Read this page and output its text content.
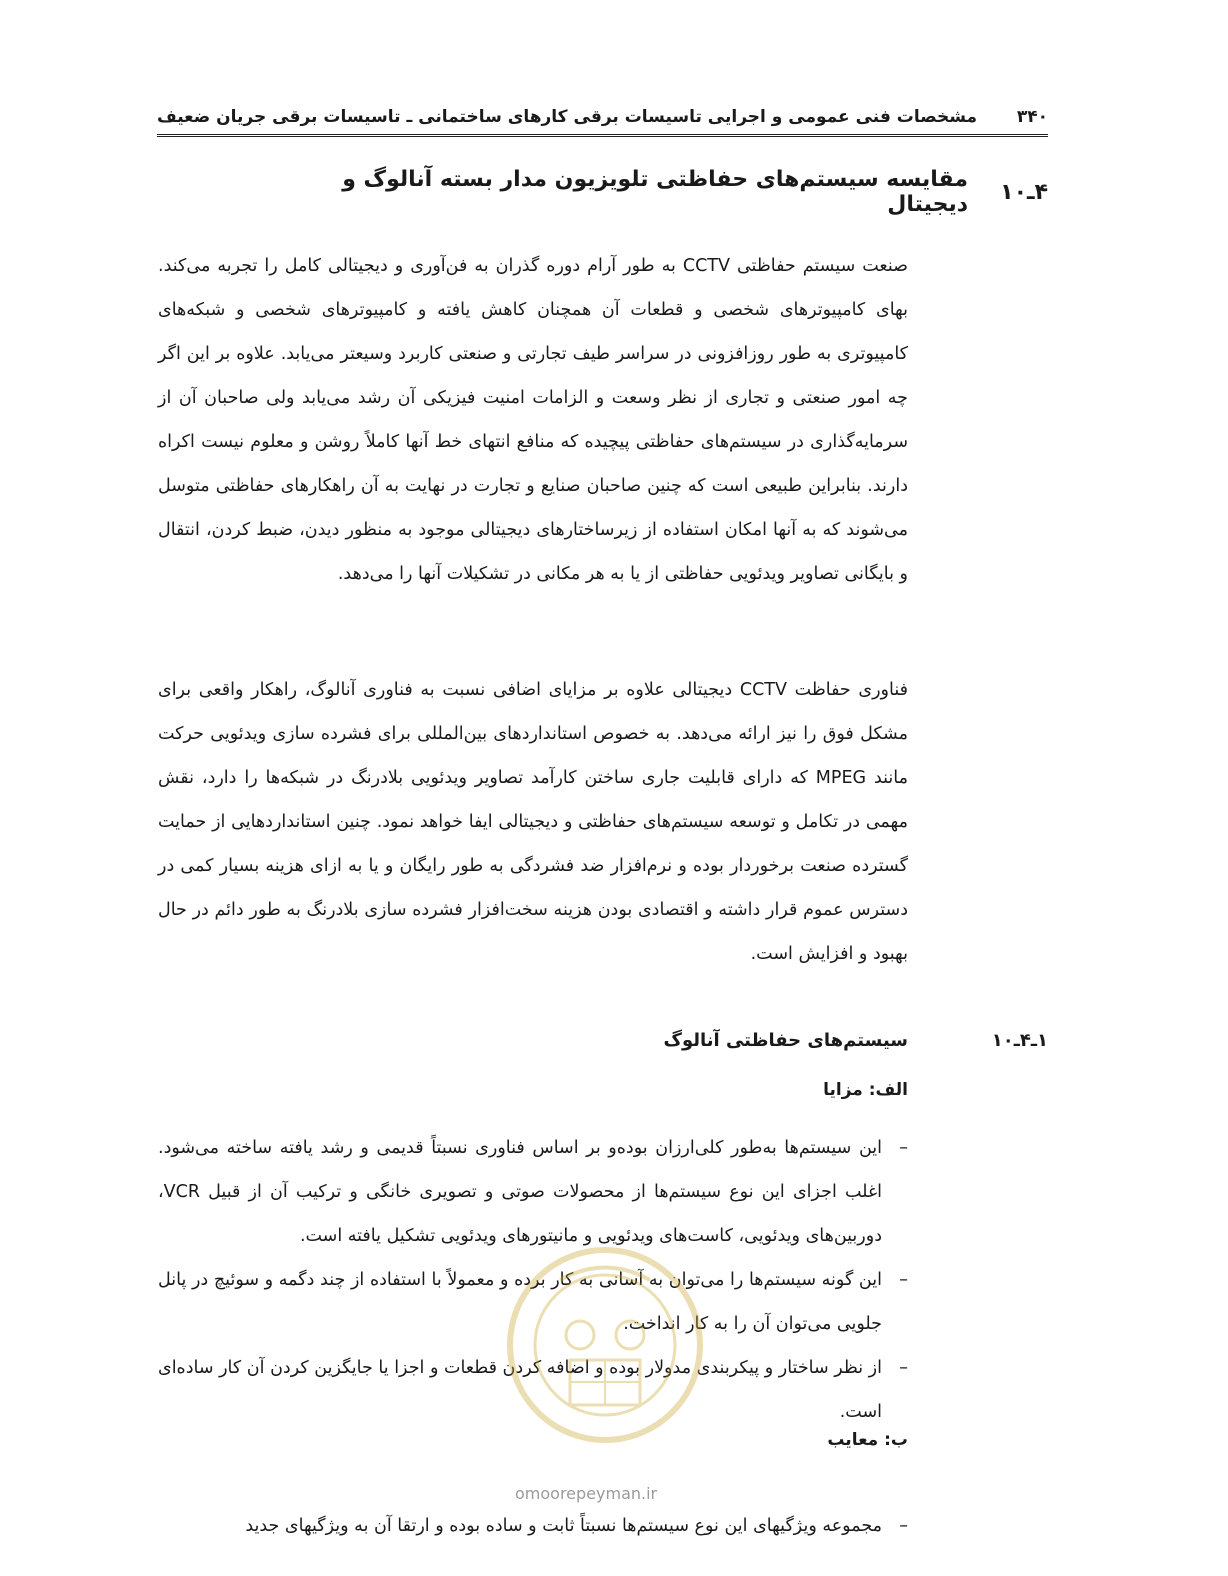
۳۴۰
مشخصات فنی عمومی و اجرایی تاسیسات برقی کارهای ساختمانی ـ تاسیسات برقی جریان ضعیف
۴ـ۱۰
مقایسه سیستم‌های حفاظتی تلویزیون مدار بسته آنالوگ و دیجیتال
صنعت سیستم حفاظتی CCTV به طور آرام دوره گذران به فن‌آوری و دیجیتالی کامل را تجربه می‌کند. بهای کامپیوترهای شخصی و قطعات آن همچنان کاهش یافته و کامپیوترهای شخصی و شبکه‌های کامپیوتری به طور روزافزونی در سراسر طیف تجارتی و صنعتی کاربرد وسیعتر می‌یابد. علاوه بر این اگر چه امور صنعتی و تجاری از نظر وسعت و الزامات امنیت فیزیکی آن رشد می‌یابد ولی صاحبان آن از سرمایه‌گذاری در سیستم‌های حفاظتی پیچیده که منافع انتهای خط آنها کاملاً روشن و معلوم نیست اکراه دارند. بنابراین طبیعی است که چنین صاحبان صنایع و تجارت در نهایت به آن راهکارهای حفاظتی متوسل می‌شوند که به آنها امکان استفاده از زیرساختارهای دیجیتالی موجود به منظور دیدن، ضبط کردن، انتقال و بایگانی تصاویر ویدئویی حفاظتی از یا به هر مکانی در تشکیلات آنها را می‌دهد.
فناوری حفاظت CCTV دیجیتالی علاوه بر مزایای اضافی نسبت به فناوری آنالوگ، راهکار واقعی برای مشکل فوق را نیز ارائه می‌دهد. به خصوص استانداردهای بین‌المللی برای فشرده سازی ویدئویی حرکت مانند MPEG که دارای قابلیت جاری ساختن کارآمد تصاویر ویدئویی بلادرنگ در شبکه‌ها را دارد، نقش مهمی در تکامل و توسعه سیستم‌های حفاظتی و دیجیتالی ایفا خواهد نمود. چنین استانداردهایی از حمایت گسترده صنعت برخوردار بوده و نرم‌افزار ضد فشردگی به طور رایگان و یا به ازای هزینه بسیار کمی در دسترس عموم قرار داشته و اقتصادی بودن هزینه سخت‌افزار فشرده سازی بلادرنگ به طور دائم در حال بهبود و افزایش است.
۱ـ۴ـ۱۰
سیستم‌های حفاظتی آنالوگ
الف: مزایا
–
این سیستم‌ها به‌طور کلی‌ارزان بوده‌و بر اساس فناوری نسبتاً قدیمی و رشد یافته ساخته می‌شود. اغلب اجزای این نوع سیستم‌ها از محصولات صوتی و تصویری خانگی و ترکیب آن از قبیل VCR، دوربین‌های ویدئویی، کاست‌های ویدئویی و مانیتورهای ویدئویی تشکیل یافته است.
–
این گونه سیستم‌ها را می‌توان به آسانی به کار برده و معمولاً با استفاده از چند دگمه و سوئیچ در پانل جلویی می‌توان آن را به کار انداخت.
–
از نظر ساختار و پیکربندی مدولار بوده و اضافه کردن قطعات و اجزا یا جایگزین کردن آن کار ساده‌ای است.
ب: معایب
–
مجموعه ویژگیهای این نوع سیستم‌ها نسبتاً ثابت و ساده بوده و ارتقا آن به ویژگیهای جدید
omoorepeyman.ir
